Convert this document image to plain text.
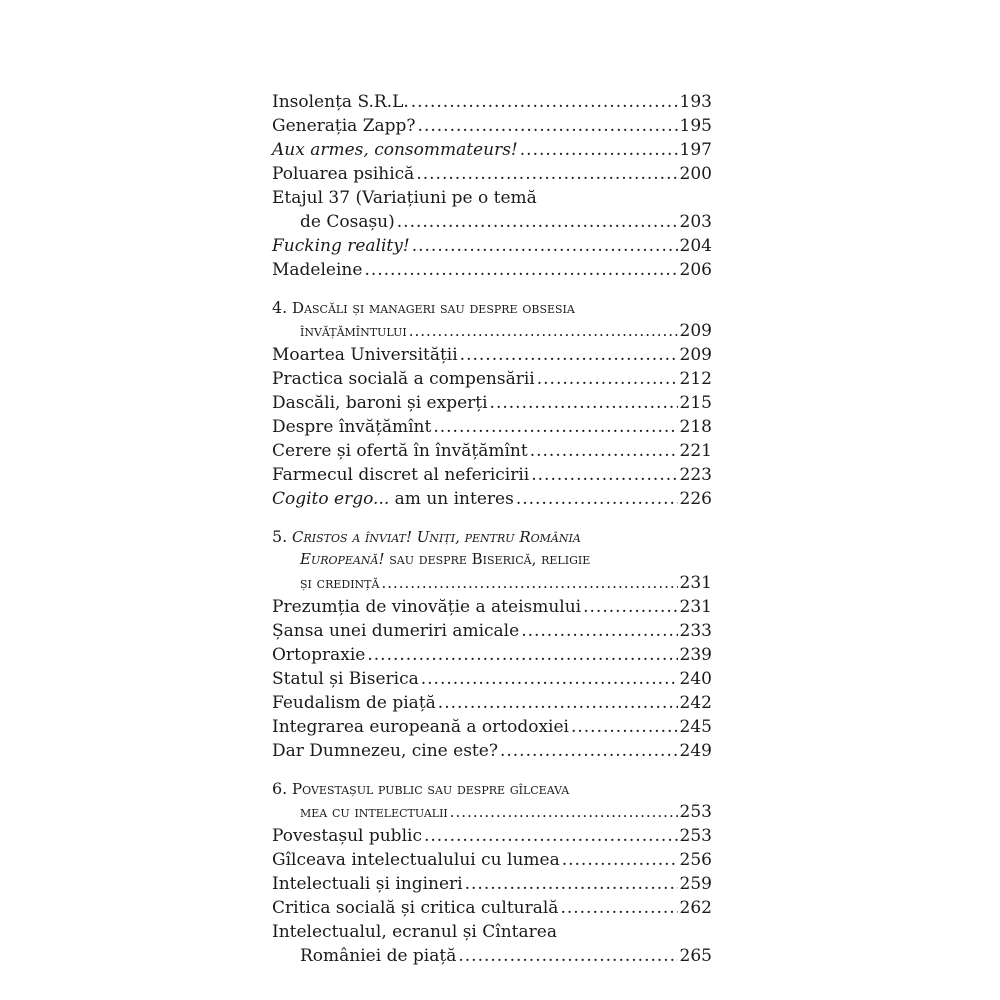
Insolența S.R.L. .....	193
Generația Zapp? .....	195
Aux armes, consommateurs! .....	197
Poluarea psihică .....	200
Etajul 37 (Variațiuni pe o temă
de Cosașu) .....	203
Fucking reality! .....	204
Madeleine .....	206
4. Dascăli și manageri sau despre obsesia
învățămîntului .....	209
Moartea Universității .....	209
Practica socială a compensării .....	212
Dascăli, baroni și experți .....	215
Despre învățămînt .....	218
Cerere și ofertă în învățămînt .....	221
Farmecul discret al nefericirii .....	223
Cogito ergo... am un interes .....	226
5. Cristos a înviat! Uniți, pentru România
Europeană! sau despre Biserică, religie
și credință .....	231
Prezumția de vinovăție a ateismului .....	231
Șansa unei dumeriri amicale .....	233
Ortopraxie .....	239
Statul și Biserica .....	240
Feudalism de piață .....	242
Integrarea europeană a ortodoxiei .....	245
Dar Dumnezeu, cine este? .....	249
6. Povestașul public sau despre gîlceava
mea cu intelectualii .....	253
Povestașul public .....	253
Gîlceava intelectualului cu lumea .....	256
Intelectuali și ingineri .....	259
Critica socială și critica culturală .....	262
Intelectualul, ecranul și Cîntarea
României de piață .....	265
